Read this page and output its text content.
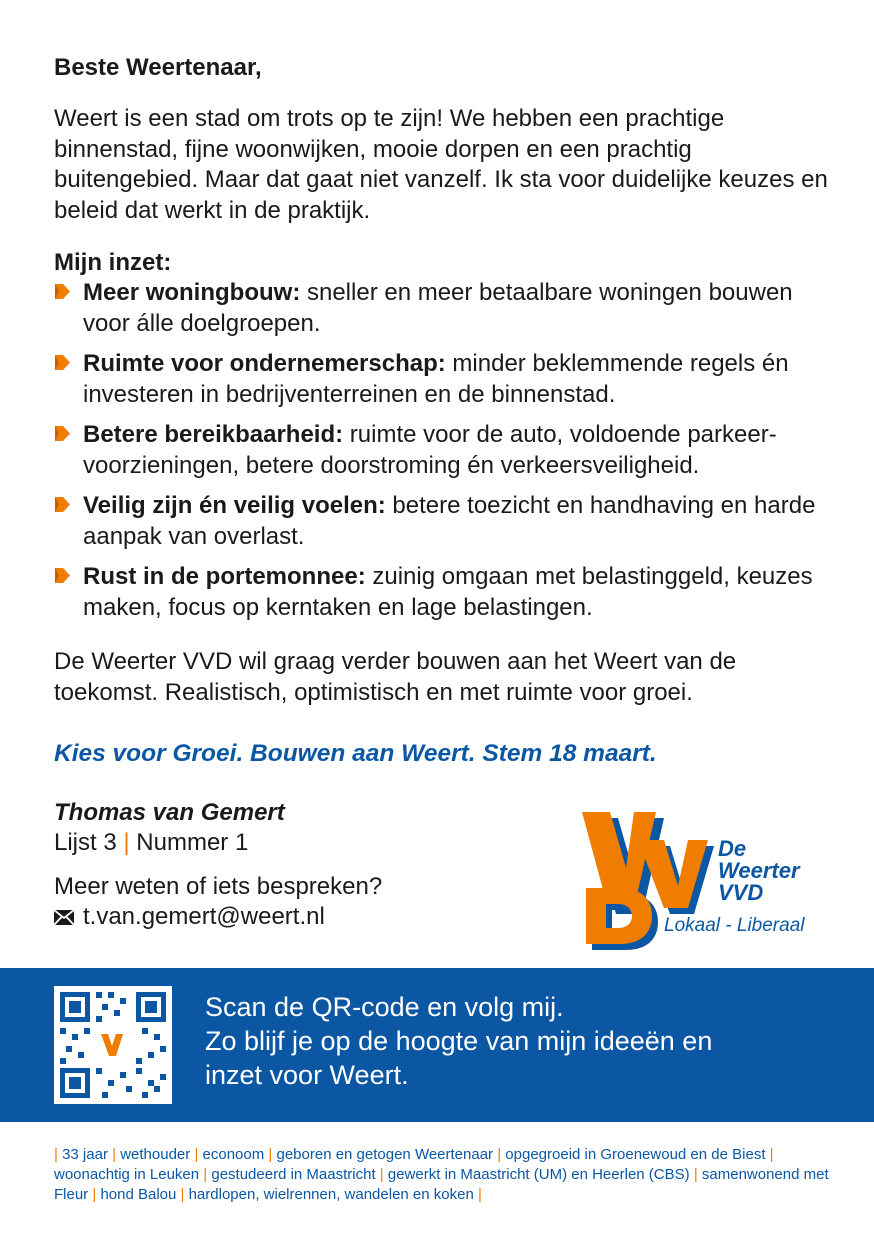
Beste Weertenaar,

Weert is een stad om trots op te zijn! We hebben een prachtige binnenstad, fijne woonwijken, mooie dorpen en een prachtig buitengebied. Maar dat gaat niet vanzelf. Ik sta voor duidelijke keuzes en beleid dat werkt in de praktijk.

Mijn inzet:

Meer woningbouw: sneller en meer betaalbare woningen bouwen voor álle doelgroepen.
Ruimte voor ondernemerschap: minder beklemmende regels én investeren in bedrijventerreinen en de binnenstad.
Betere bereikbaarheid: ruimte voor de auto, voldoende parkeer-voorzieningen, betere doorstroming én verkeersveiligheid.
Veilig zijn én veilig voelen: betere toezicht en handhaving en harde aanpak van overlast.
Rust in de portemonnee: zuinig omgaan met belastinggeld, keuzes maken, focus op kerntaken en lage belastingen.

De Weerter VVD wil graag verder bouwen aan het Weert van de toekomst. Realistisch, optimistisch en met ruimte voor groei.

Kies voor Groei. Bouwen aan Weert. Stem 18 maart.
Thomas van Gemert
Lijst 3 | Nummer 1
Meer weten of iets bespreken?
t.van.gemert@weert.nl
De
Weerter
VVD
Lokaal - Liberaal
Scan de QR-code en volg mij.
Zo blijf je op de hoogte van mijn ideeën en
inzet voor Weert.
| 33 jaar | wethouder | econoom | geboren en getogen Weertenaar | opgegroeid in Groenewoud en de Biest | woonachtig in Leuken | gestudeerd in Maastricht | gewerkt in Maastricht (UM) en Heerlen (CBS) | samenwonend met Fleur | hond Balou | hardlopen, wielrennen, wandelen en koken |
